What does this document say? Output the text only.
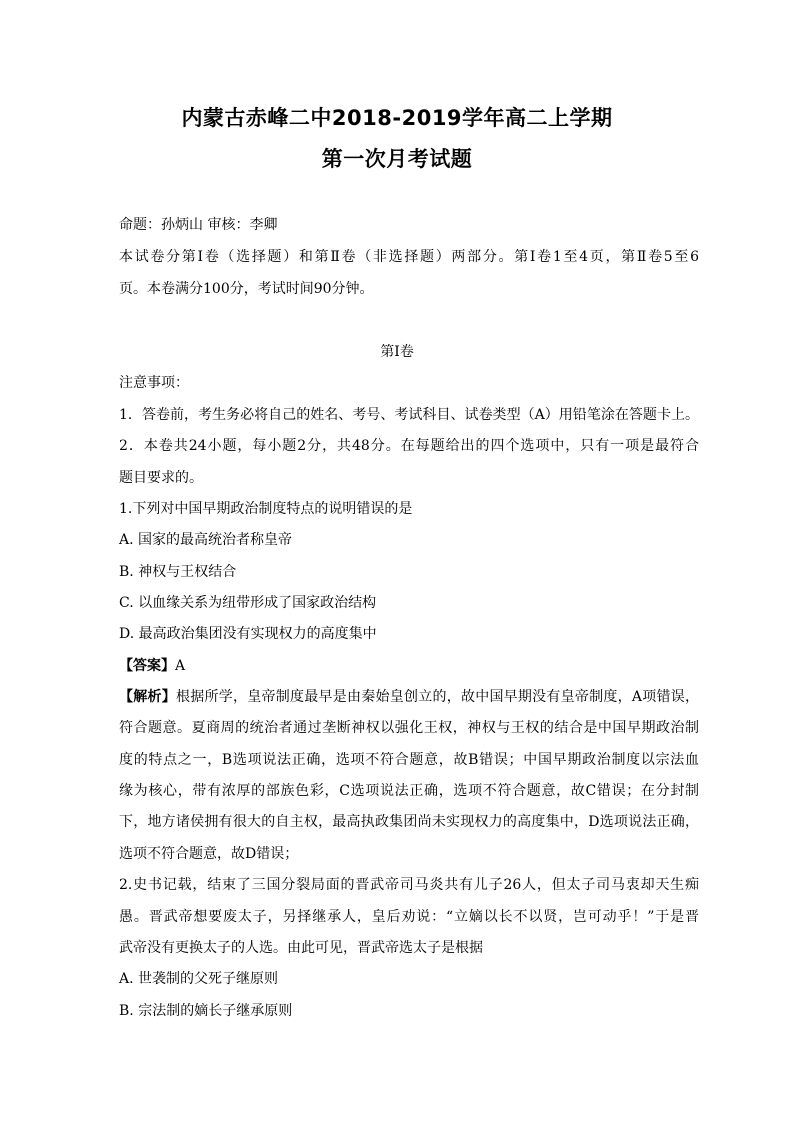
内蒙古赤峰二中2018-2019学年高二上学期
第一次月考试题
命题：孙炳山 审核：李卿
本试卷分第Ⅰ卷（选择题）和第Ⅱ卷（非选择题）两部分。第Ⅰ卷1至4页，第Ⅱ卷5至6
页。本卷满分100分，考试时间90分钟。
第Ⅰ卷
注意事项：
1．答卷前，考生务必将自己的姓名、考号、考试科目、试卷类型（A）用铅笔涂在答题卡上。
2．本卷共24小题，每小题2分，共48分。在每题给出的四个选项中，只有一项是最符合
题目要求的。
1.下列对中国早期政治制度特点的说明错误的是
A. 国家的最高统治者称皇帝
B. 神权与王权结合
C. 以血缘关系为纽带形成了国家政治结构
D. 最高政治集团没有实现权力的高度集中
【答案】A
【解析】根据所学，皇帝制度最早是由秦始皇创立的，故中国早期没有皇帝制度，A项错误，
符合题意。夏商周的统治者通过垄断神权以强化王权，神权与王权的结合是中国早期政治制
度的特点之一，B选项说法正确，选项不符合题意，故B错误；中国早期政治制度以宗法血
缘为核心，带有浓厚的部族色彩，C选项说法正确，选项不符合题意，故C错误；在分封制
下，地方诸侯拥有很大的自主权，最高执政集团尚未实现权力的高度集中，D选项说法正确，
选项不符合题意，故D错误；
2.史书记载，结束了三国分裂局面的晋武帝司马炎共有儿子26人，但太子司马衷却天生痴
愚。晋武帝想要废太子，另择继承人，皇后劝说：“立嫡以长不以贤，岂可动乎！”于是晋
武帝没有更换太子的人选。由此可见，晋武帝选太子是根据
A. 世袭制的父死子继原则
B. 宗法制的嫡长子继承原则
